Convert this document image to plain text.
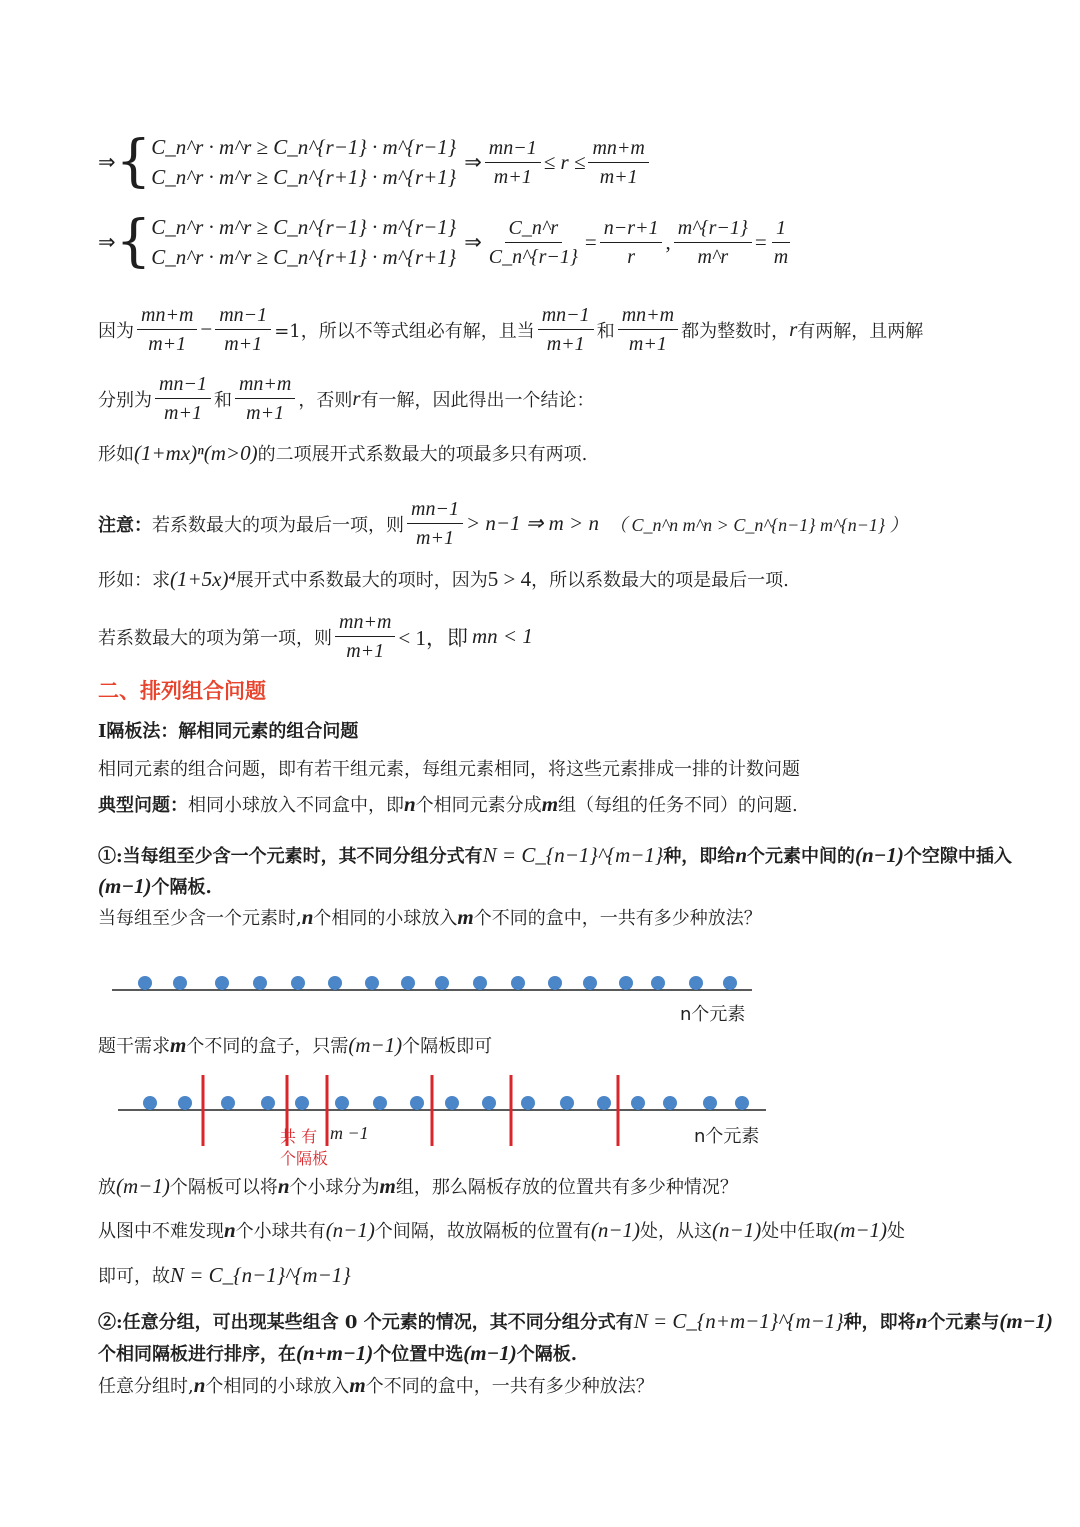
⇒ { C_n^r · m^r ≥ C_n^{r−1} · m^{r−1}
C_n^r · m^r ≥ C_n^{r+1} · m^{r+1}
⇒ $\frac{mn-1}{m+1} \le r \le \frac{mn+m}{m+1}$
⇒ { C_n^r · m^r ≥ C_n^{r−1} · m^{r−1}
C_n^r · m^r ≥ C_n^{r+1} · m^{r+1}
⇒ $\frac{C\_n\^{}r}{C\_n\^{}\{r-1\}} = \frac{n-r+1}{r}$ , $\frac{m\^{}\{r-1\}}{m\^{}r} = \frac{1}{m}$
因为 $\frac{mn+m}{m+1} - \frac{mn-1}{m+1} =1$，所以不等式组必有解，且当 $\frac{mn-1}{m+1}$ 和 $\frac{mn+m}{m+1}$ 都为整数时， r 有两解，且两解
分别为 $\frac{mn-1}{m+1}$ 和 $\frac{mn+m}{m+1}$ ，否则 r 有一解，因此得出一个结论：
形如 (1+mx)ⁿ(m>0) 的二项展开式系数最大的项最多只有两项.
注意： 若系数最大的项为最后一项，则 $\frac{mn-1}{m+1} > n-1$ ⇒ m > n （ C_n^n m^n > C_n^{n−1} m^{n−1} ）
形如：求 (1+5x)⁴ 展开式中系数最大的项时，因为 5 > 4 ，所以系数最大的项是最后一项.
若系数最大的项为第一项，则 $\frac{mn+m}{m+1} < 1$，即 mn < 1
二、排列组合问题
Ⅰ隔板法：解相同元素的组合问题
相同元素的组合问题，即有若干组元素，每组元素相同，将这些元素排成一排的计数问题
典型问题： 相同小球放入不同盒中，即 n 个相同元素分成 m 组（每组的任务不同）的问题.
①:当每组至少含一个元素时，其不同分组分式有 N = C_{n−1}^{m−1} 种，即给 n 个元素中间的 (n−1) 个空隙中插入
(m−1) 个隔板.
当每组至少含一个元素时, n 个相同的小球放入 m 个不同的盒中，一共有多少种放法？
n个元素
题干需求 m 个不同的盒子，只需 (m−1) 个隔板即可
共 有 m −1
个隔板
n个元素
放 (m−1) 个隔板可以将 n 个小球分为 m 组，那么隔板存放的位置共有多少种情况？
从图中不难发现 n 个小球共有 (n−1) 个间隔，故放隔板的位置有 (n−1) 处，从这 (n−1) 处中任取 (m−1) 处
即可，故 N = C_{n−1}^{m−1}
②:任意分组，可出现某些组含 0 个元素的情况，其不同分组分式有 N = C_{n+m−1}^{m−1} 种，即将 n 个元素与 (m−1)
个相同隔板进行排序，在 (n+m−1) 个位置中选 (m−1) 个隔板.
任意分组时, n 个相同的小球放入 m 个不同的盒中，一共有多少种放法？
